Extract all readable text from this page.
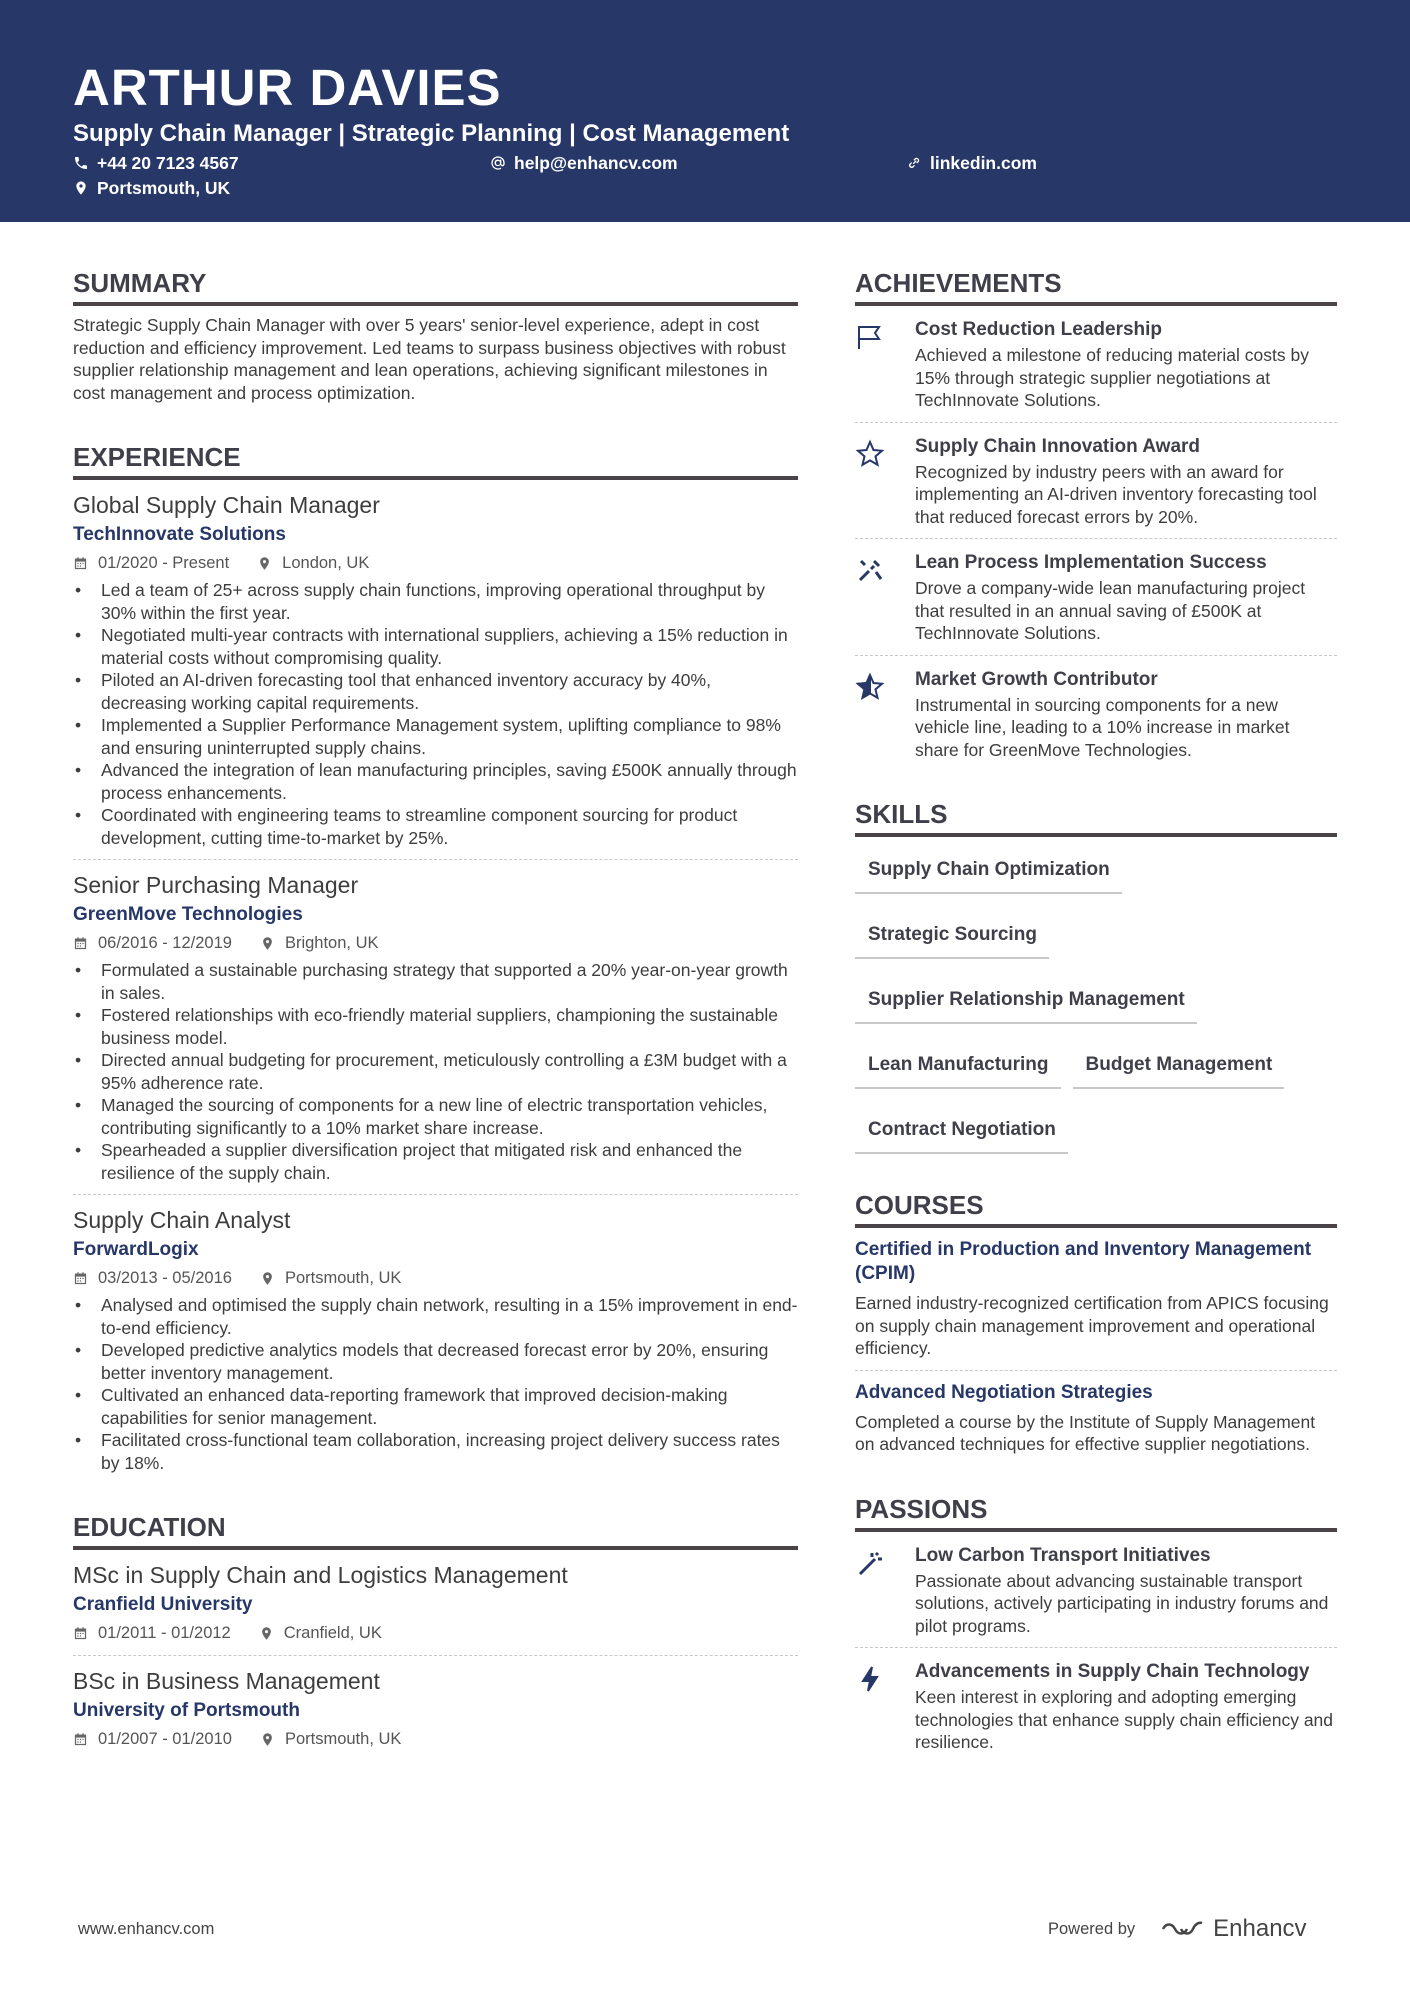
ARTHUR DAVIES
Supply Chain Manager | Strategic Planning | Cost Management
+44 20 7123 4567	help@enhancv.com	linkedin.com
Portsmouth, UK
SUMMARY
Strategic Supply Chain Manager with over 5 years' senior-level experience, adept in cost reduction and efficiency improvement. Led teams to surpass business objectives with robust supplier relationship management and lean operations, achieving significant milestones in cost management and process optimization.
EXPERIENCE
Global Supply Chain Manager
TechInnovate Solutions
01/2020 - Present	London, UK
• Led a team of 25+ across supply chain functions, improving operational throughput by 30% within the first year.
• Negotiated multi-year contracts with international suppliers, achieving a 15% reduction in material costs without compromising quality.
• Piloted an AI-driven forecasting tool that enhanced inventory accuracy by 40%, decreasing working capital requirements.
• Implemented a Supplier Performance Management system, uplifting compliance to 98% and ensuring uninterrupted supply chains.
• Advanced the integration of lean manufacturing principles, saving £500K annually through process enhancements.
• Coordinated with engineering teams to streamline component sourcing for product development, cutting time-to-market by 25%.
Senior Purchasing Manager
GreenMove Technologies
06/2016 - 12/2019	Brighton, UK
• Formulated a sustainable purchasing strategy that supported a 20% year-on-year growth in sales.
• Fostered relationships with eco-friendly material suppliers, championing the sustainable business model.
• Directed annual budgeting for procurement, meticulously controlling a £3M budget with a 95% adherence rate.
• Managed the sourcing of components for a new line of electric transportation vehicles, contributing significantly to a 10% market share increase.
• Spearheaded a supplier diversification project that mitigated risk and enhanced the resilience of the supply chain.
Supply Chain Analyst
ForwardLogix
03/2013 - 05/2016	Portsmouth, UK
• Analysed and optimised the supply chain network, resulting in a 15% improvement in end-to-end efficiency.
• Developed predictive analytics models that decreased forecast error by 20%, ensuring better inventory management.
• Cultivated an enhanced data-reporting framework that improved decision-making capabilities for senior management.
• Facilitated cross-functional team collaboration, increasing project delivery success rates by 18%.
EDUCATION
MSc in Supply Chain and Logistics Management
Cranfield University
01/2011 - 01/2012	Cranfield, UK
BSc in Business Management
University of Portsmouth
01/2007 - 01/2010	Portsmouth, UK
ACHIEVEMENTS
Cost Reduction Leadership
Achieved a milestone of reducing material costs by 15% through strategic supplier negotiations at TechInnovate Solutions.
Supply Chain Innovation Award
Recognized by industry peers with an award for implementing an AI-driven inventory forecasting tool that reduced forecast errors by 20%.
Lean Process Implementation Success
Drove a company-wide lean manufacturing project that resulted in an annual saving of £500K at TechInnovate Solutions.
Market Growth Contributor
Instrumental in sourcing components for a new vehicle line, leading to a 10% increase in market share for GreenMove Technologies.
SKILLS
Supply Chain Optimization
Strategic Sourcing
Supplier Relationship Management
Lean Manufacturing	Budget Management
Contract Negotiation
COURSES
Certified in Production and Inventory Management (CPIM)
Earned industry-recognized certification from APICS focusing on supply chain management improvement and operational efficiency.
Advanced Negotiation Strategies
Completed a course by the Institute of Supply Management on advanced techniques for effective supplier negotiations.
PASSIONS
Low Carbon Transport Initiatives
Passionate about advancing sustainable transport solutions, actively participating in industry forums and pilot programs.
Advancements in Supply Chain Technology
Keen interest in exploring and adopting emerging technologies that enhance supply chain efficiency and resilience.
www.enhancv.com	Powered by	Enhancv
